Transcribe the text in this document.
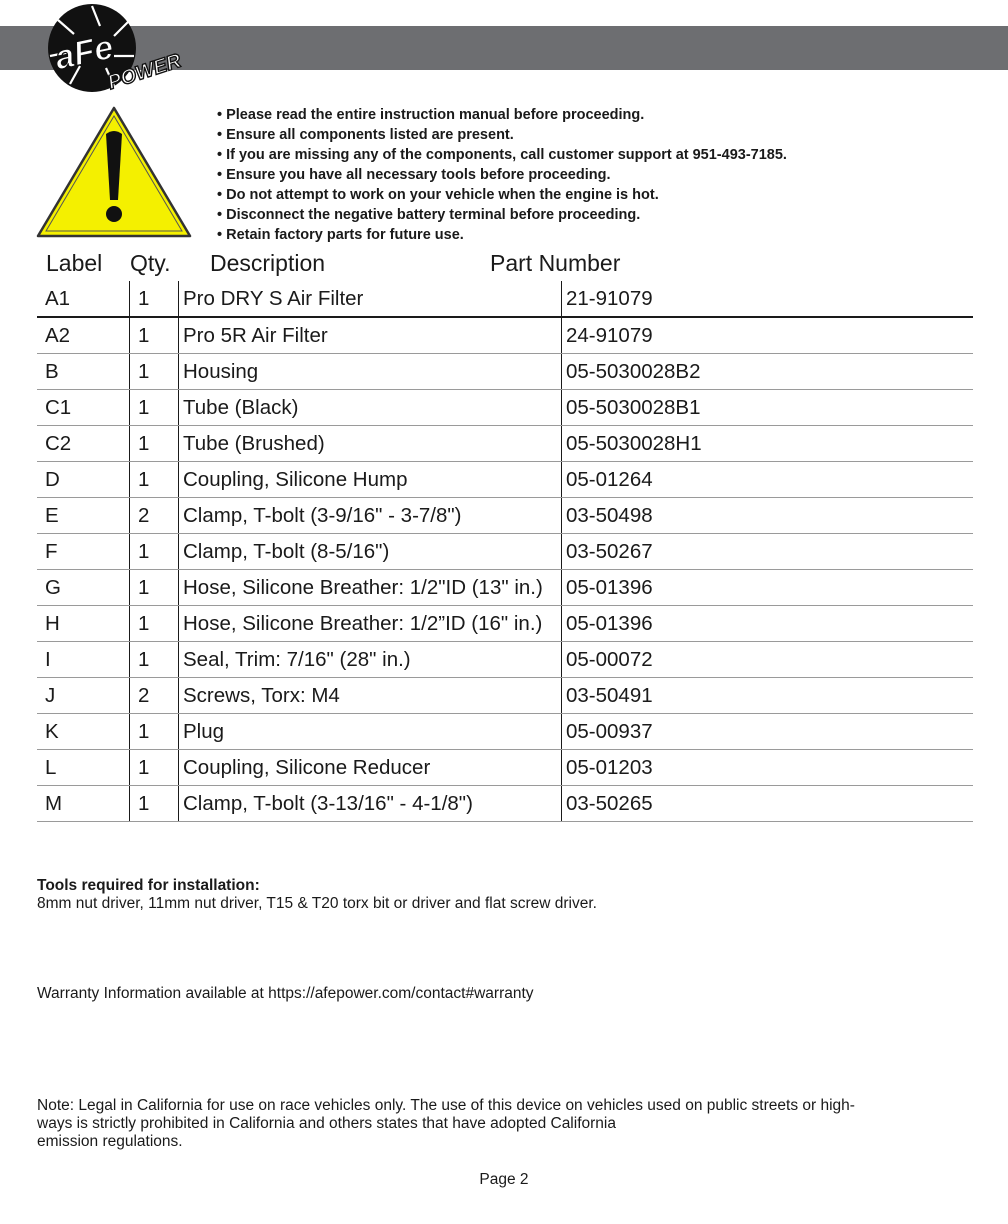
aFe
POWER
• Please read the entire instruction manual before proceeding.
• Ensure all components listed are present.
• If you are missing any of the components, call customer support at 951-493-7185.
• Ensure you have all necessary tools before proceeding.
• Do not attempt to work on your vehicle when the engine is hot.
• Disconnect the negative battery terminal before proceeding.
• Retain factory parts for future use.
Label Qty. Description	Part Number
A1	1	Pro DRY S Air Filter	21-91079
A2	1	Pro 5R Air Filter	24-91079
B	1	Housing	05-5030028B2
C1	1	Tube (Black)	05-5030028B1
C2	1	Tube (Brushed)	05-5030028H1
D	1	Coupling, Silicone Hump	05-01264
E	2	Clamp, T-bolt (3-9/16" - 3-7/8")	03-50498
F	1	Clamp, T-bolt (8-5/16")	03-50267
G	1	Hose, Silicone Breather: 1/2"ID (13" in.)	05-01396
H	1	Hose, Silicone Breather: 1/2”ID (16" in.)	05-01396
I	1	Seal, Trim: 7/16" (28" in.)	05-00072
J	2	Screws, Torx: M4	03-50491
K	1	Plug	05-00937
L	1	Coupling, Silicone Reducer	05-01203
M	1	Clamp, T-bolt (3-13/16" - 4-1/8")	03-50265
Tools required for installation:
8mm nut driver, 11mm nut driver, T15 & T20 torx bit or driver and flat screw driver.
Warranty Information available at https://afepower.com/contact#warranty
Note: Legal in California for use on race vehicles only. The use of this device on vehicles used on public streets or high-
ways is strictly prohibited in California and others states that have adopted California
emission regulations.
Page 2
